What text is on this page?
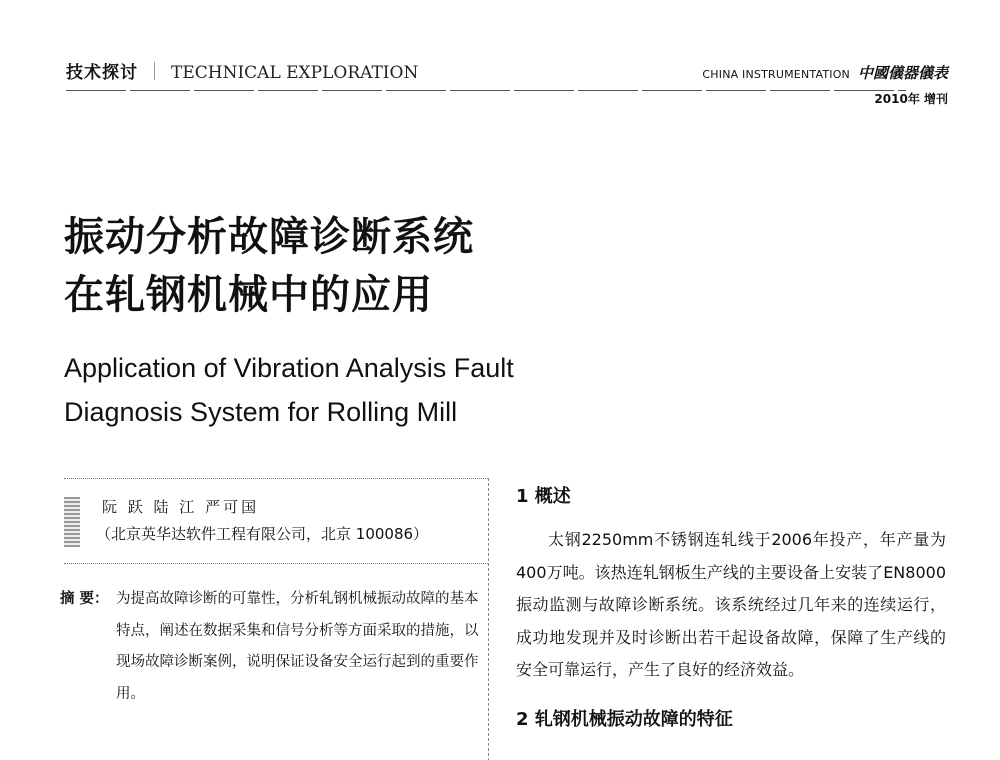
技术探讨 TECHNICAL EXPLORATION	CHINA INSTRUMENTATION 中國儀器儀表
2010年 增刊
振动分析故障诊断系统
在轧钢机械中的应用
Application of Vibration Analysis Fault
Diagnosis System for Rolling Mill
阮 跃 陆 江 严可国
（北京英华达软件工程有限公司，北京 100086）
摘 要： 为提高故障诊断的可靠性，分析轧钢机械振动故障的基本特点，阐述在数据采集和信号分析等方面采取的措施，以现场故障诊断案例，说明保证设备安全运行起到的重要作用。
1 概述
太钢2250mm不锈钢连轧线于2006年投产，年产量为400万吨。该热连轧钢板生产线的主要设备上安装了EN8000振动监测与故障诊断系统。该系统经过几年来的连续运行，成功地发现并及时诊断出若干起设备故障，保障了生产线的安全可靠运行，产生了良好的经济效益。
2 轧钢机械振动故障的特征
